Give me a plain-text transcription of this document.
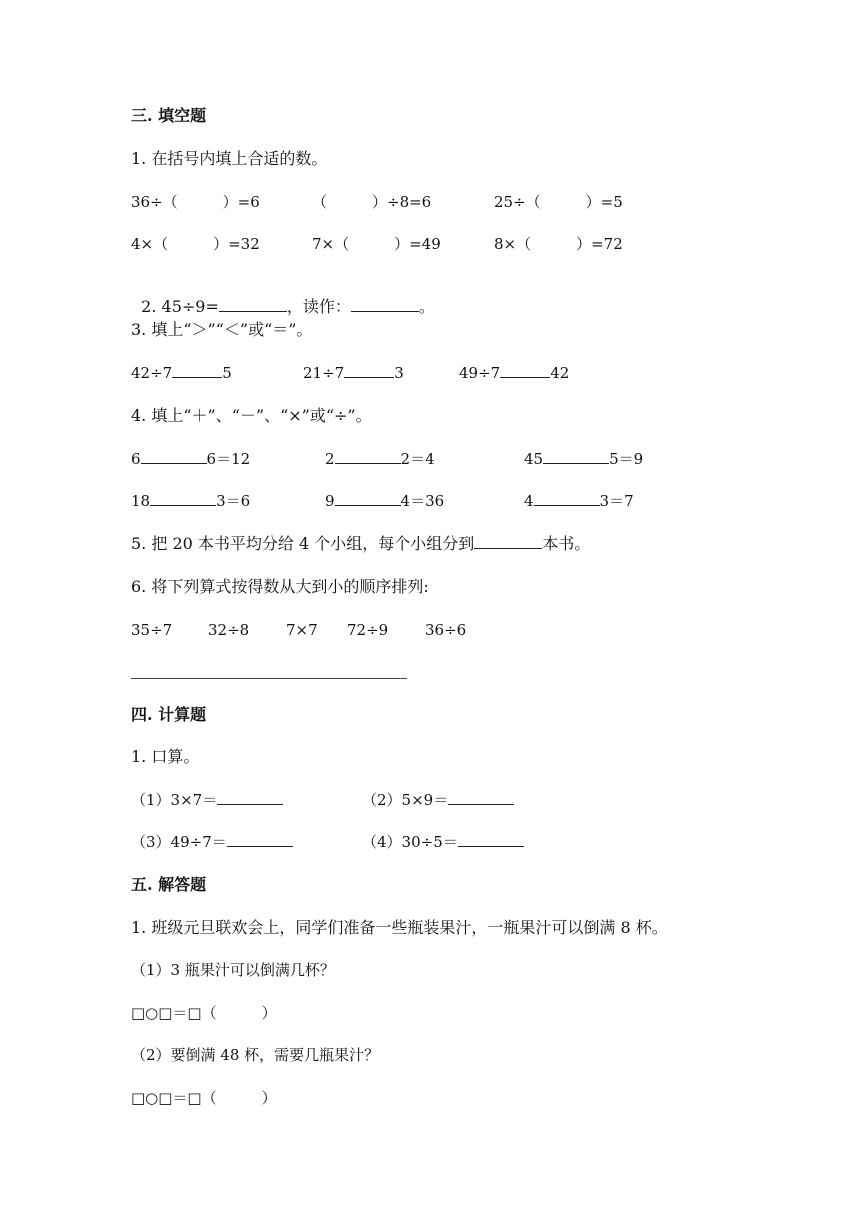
三. 填空题
1. 在括号内填上合适的数。
36÷（　　　）=6	（　　　）÷8=6	25÷（　　　）=5
4×（　　　）=32	7×（　　　）=49	8×（　　　）=72

2. 45÷9=	，读作：	。

3. 填上“＞”“＜”或“＝”。
42÷7	5	21÷7	3	49÷7	42
4. 填上“＋”、“－”、“×”或“÷”。
6	6＝12	2	2＝4	45	5＝9
18	3＝6	9	4＝36	4	3＝7
5. 把 20 本书平均分给 4 个小组，每个小组分到	本书。
6. 将下列算式按得数从大到小的顺序排列:
35÷7 32÷8 7×7 72÷9 36÷6
四. 计算题
1. 口算。
（1）3×7＝	（2）5×9＝
（3）49÷7＝	（4）30÷5＝
五. 解答题
1. 班级元旦联欢会上，同学们准备一些瓶装果汁，一瓶果汁可以倒满 8 杯。
（1）3 瓶果汁可以倒满几杯？
□○□＝□（　　　）
（2）要倒满 48 杯，需要几瓶果汁？
□○□＝□（　　　）
